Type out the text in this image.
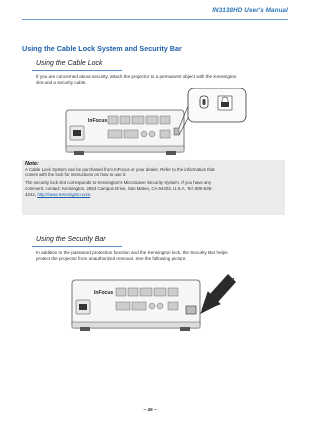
IN3138HD User's Manual
Using the Cable Lock System and Security Bar
Using the Cable Lock
If you are concerned about security, attach the projector to a permanent object with the Kensington
slot and a security cable.
InFocus
Note:
A Cable Lock System can be purchased from InFocus or your dealer. Refer to the information that
comes with the lock for instructions on how to use it.
The security lock slot corresponds to Kensington's MicroSaver Security System. If you have any
comment, contact: Kensington, 2853 Campus Drive, San Mateo, CA 94403, U.S.A. Tel: 800-535-
4242, http://www.Kensington.com.
Using the Security Bar
In addition to the password protection function and the Kensington lock, the Security Bar helps
protect the projector from unauthorized removal. See the following picture.
InFocus
– 45 –
